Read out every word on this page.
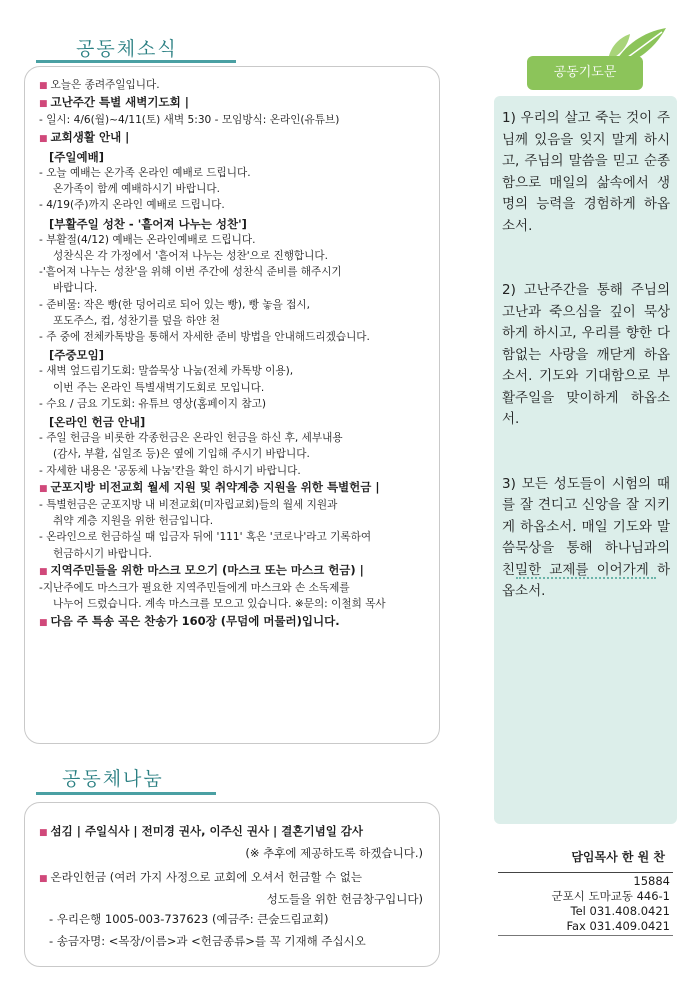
공동체소식

■ 오늘은 종려주일입니다.

■ 고난주간 특별 새벽기도회 |

- 일시: 4/6(월)~4/11(토) 새벽 5:30 - 모임방식: 온라인(유튜브)

■ 교회생활 안내 |

[주일예배]

- 오늘 예배는 온가족 온라인 예배로 드립니다.

온가족이 함께 예배하시기 바랍니다.

- 4/19(주)까지 온라인 예배로 드립니다.

[부활주일 성찬 - '흩어져 나누는 성찬']

- 부활절(4/12) 예배는 온라인예배로 드립니다.

성찬식은 각 가정에서 '흩어져 나누는 성찬'으로 진행합니다.

-'흩어져 나누는 성찬'을 위해 이번 주간에 성찬식 준비를 해주시기

바랍니다.

- 준비물: 작은 빵(한 덩어리로 되어 있는 빵), 빵 놓을 접시,

포도주스, 컵, 성찬기를 덮을 하얀 천

- 주 중에 전체카톡방을 통해서 자세한 준비 방법을 안내해드리겠습니다.

[주중모임]

- 새벽 엎드림기도회: 말씀묵상 나눔(전체 카톡방 이용),

이번 주는 온라인 특별새벽기도회로 모입니다.

- 수요 / 금요 기도회: 유튜브 영상(홈페이지 참고)

[온라인 헌금 안내]

- 주일 헌금을 비롯한 각종헌금은 온라인 헌금을 하신 후, 세부내용

(감사, 부활, 십일조 등)은 옆에 기입해 주시기 바랍니다.

- 자세한 내용은 '공동체 나눔'칸을 확인 하시기 바랍니다.

■ 군포지방 비전교회 월세 지원 및 취약계층 지원을 위한 특별헌금 |

- 특별헌금은 군포지방 내 비전교회(미자립교회)들의 월세 지원과

취약 계층 지원을 위한 헌금입니다.

- 온라인으로 헌금하실 때 입금자 뒤에 '111' 혹은 '코로나'라고 기록하여

헌금하시기 바랍니다.

■ 지역주민들을 위한 마스크 모으기 (마스크 또는 마스크 헌금) |

-지난주에도 마스크가 필요한 지역주민들에게 마스크와 손 소독제를

나누어 드렸습니다. 계속 마스크를 모으고 있습니다. ※문의: 이철희 목사

■ 다음 주 특송 곡은 찬송가 160장 (무덤에 머물러)입니다.

공동체나눔

■ 섬김 | 주일식사 | 전미경 권사, 이주신 권사 | 결혼기념일 감사

(※ 추후에 제공하도록 하겠습니다.)

■ 온라인헌금 (여러 가지 사정으로 교회에 오셔서 헌금할 수 없는

성도들을 위한 헌금창구입니다)

- 우리은행 1005-003-737623 (예금주: 큰숲드림교회)

- 송금자명: <목장/이름>과 <헌금종류>를 꼭 기재해 주십시오

공동기도문

1) 우리의 살고 죽는 것이 주님께 있음을 잊지 말게 하시고, 주님의 말씀을 믿고 순종함으로 매일의 삶속에서 생명의 능력을 경험하게 하옵소서.

2) 고난주간을 통해 주님의 고난과 죽으심을 깊이 묵상하게 하시고, 우리를 향한 다함없는 사랑을 깨닫게 하옵소서. 기도와 기대함으로 부활주일을 맞이하게 하옵소서.

3) 모든 성도들이 시험의 때를 잘 견디고 신앙을 잘 지키게 하옵소서. 매일 기도와 말씀묵상을 통해 하나님과의 친밀한 교제를 이어가게 하옵소서.

담임목사 한 원 찬
15884
군포시 도마교동 446-1
Tel 031.408.0421
Fax 031.409.0421
